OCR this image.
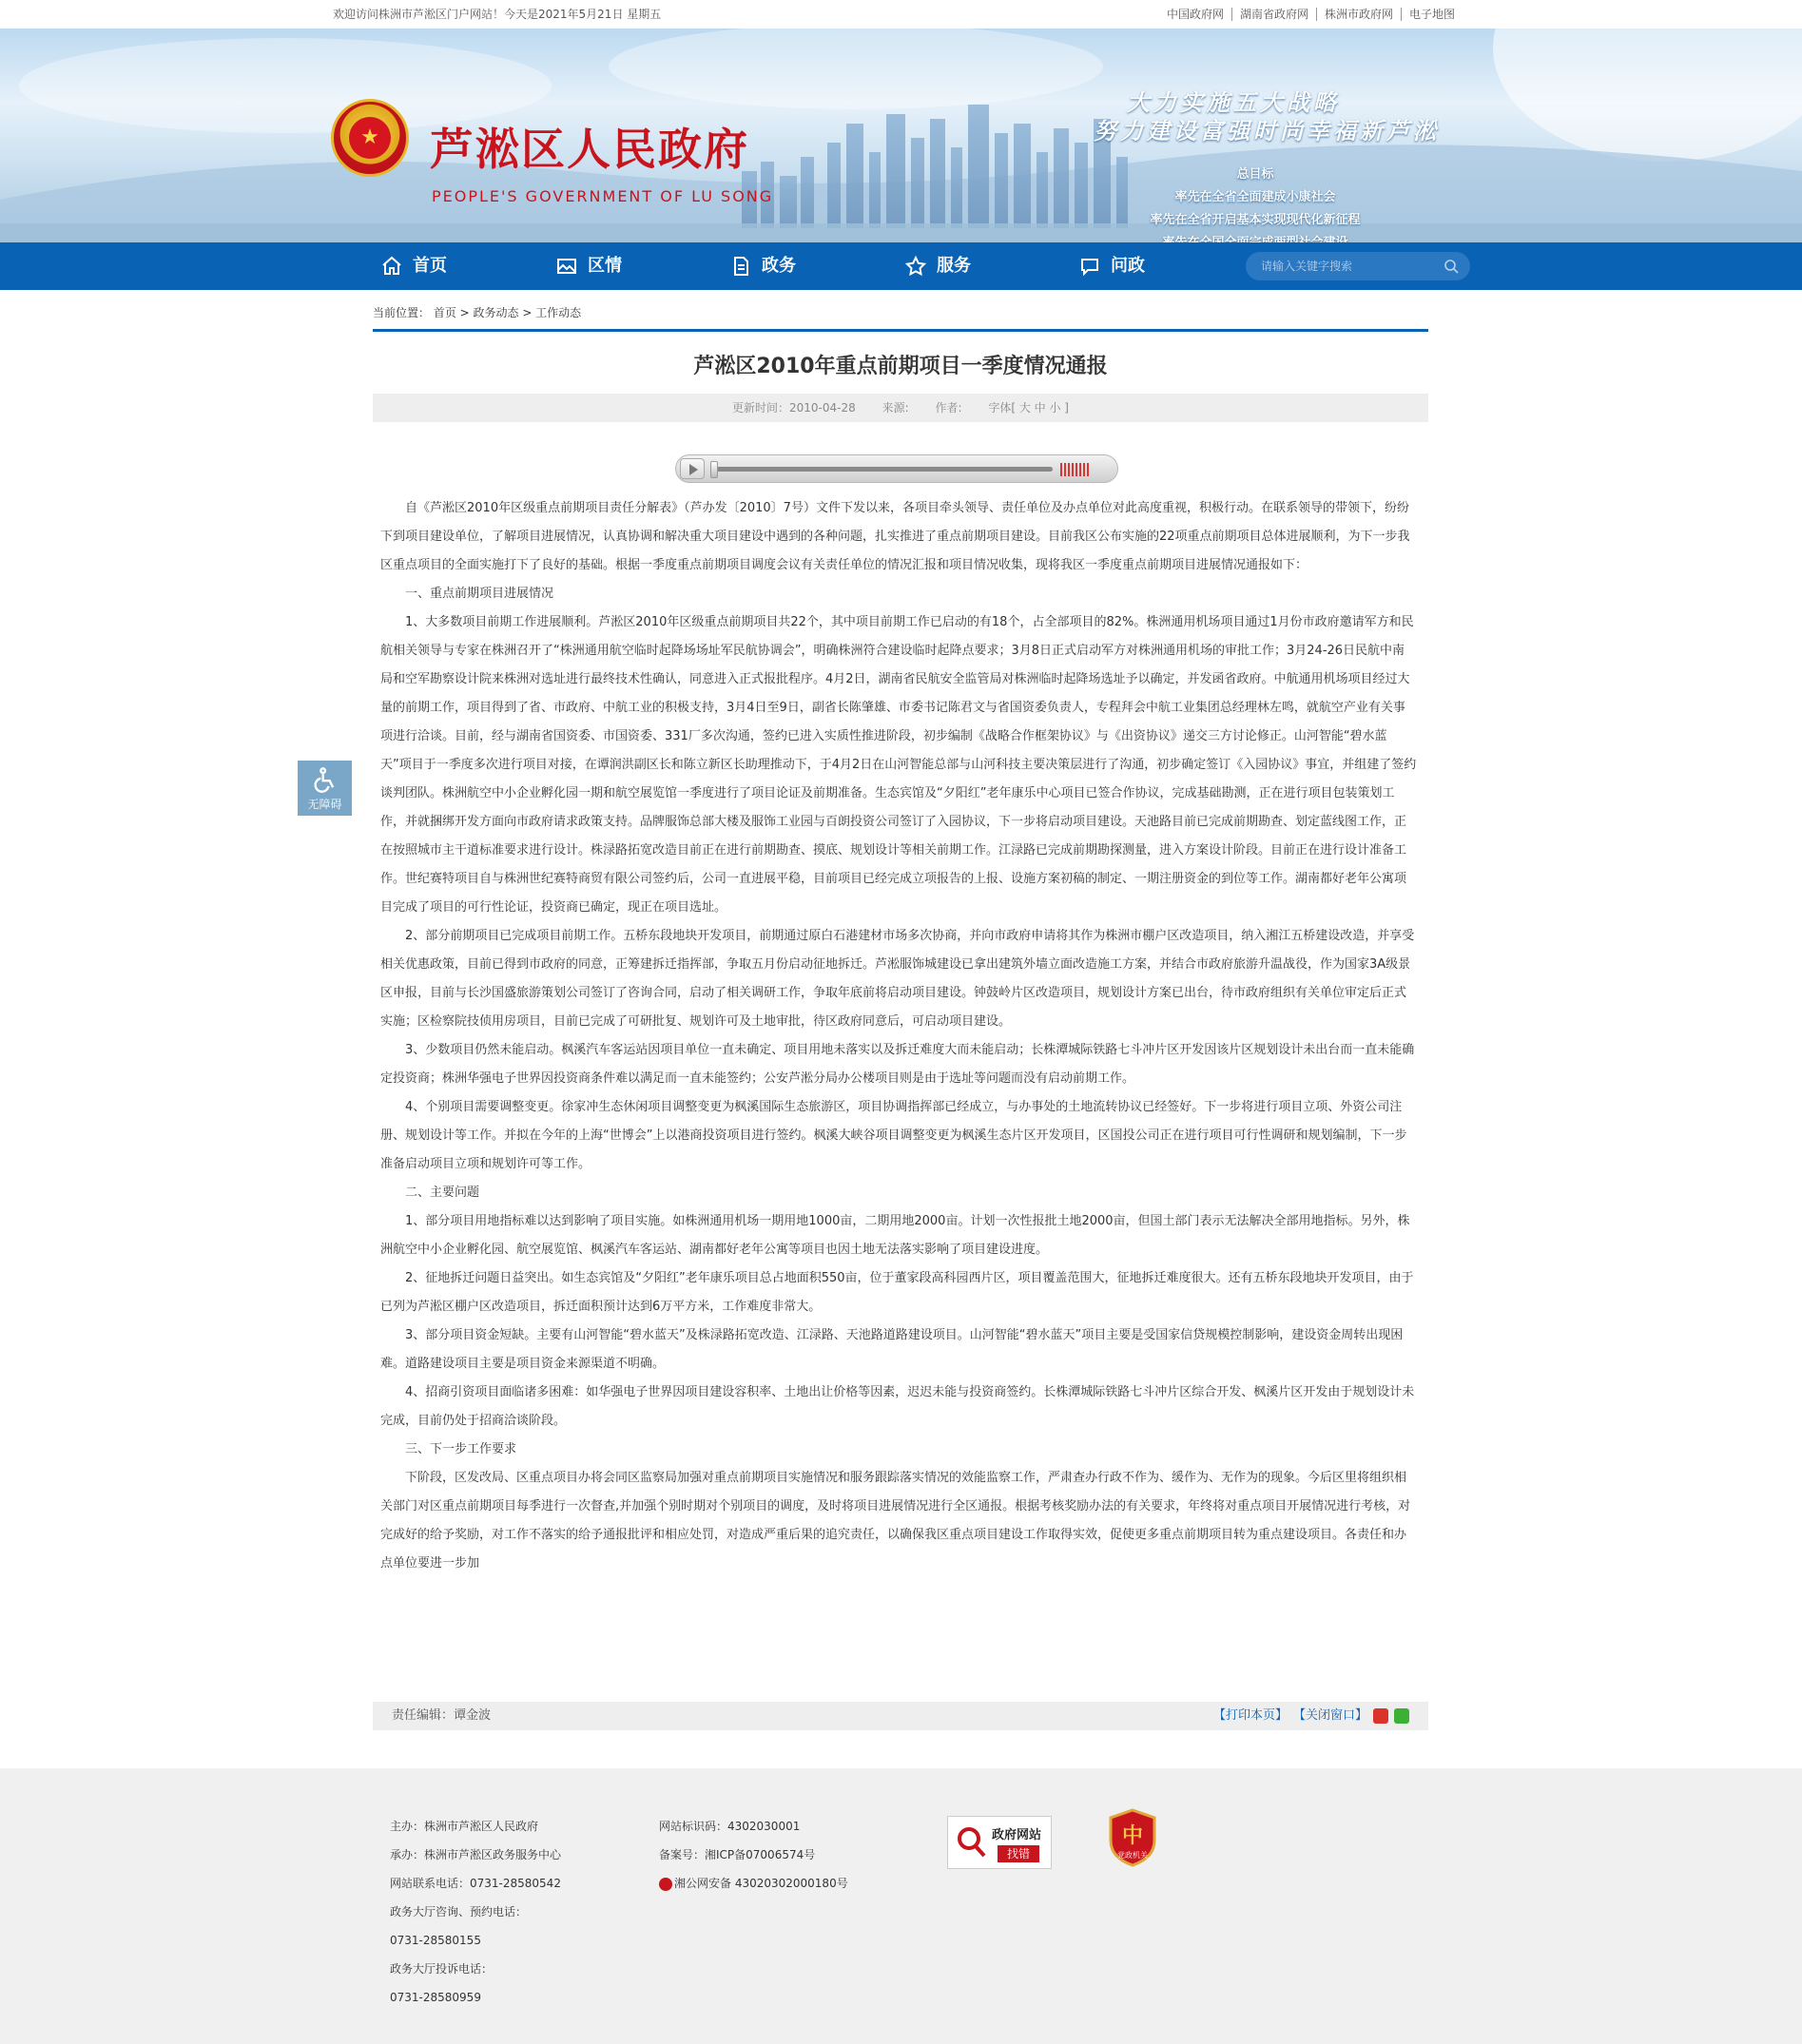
欢迎访问株洲市芦淞区门户网站！今天是2021年5月21日 星期五	中国政府网 湖南省政府网 株洲市政府网 电子地图
★ 芦淞区人民政府
PEOPLE'S GOVERNMENT OF LU SONG
大力实施五大战略
努力建设富强时尚幸福新芦淞
总目标
率先在全省全面建成小康社会
率先在全省开启基本实现现代化新征程
首页	区情	政务	服务	问政
请输入关键字搜索
当前位置： 首页 > 政务动态 > 工作动态
芦淞区2010年重点前期项目一季度情况通报
更新时间：2010-04-28 来源: 作者: 字体[ 大 中 小 ]
无障碍

自《芦淞区2010年区级重点前期项目责任分解表》（芦办发〔2010〕7号）文件下发以来，各项目牵头领导、责任单位及办点单位对此高度重视，积极行动。在联系领导的带领下，纷纷下到项目建设单位，了解项目进展情况，认真协调和解决重大项目建设中遇到的各种问题，扎实推进了重点前期项目建设。目前我区公布实施的22项重点前期项目总体进展顺利，为下一步我区重点项目的全面实施打下了良好的基础。根据一季度重点前期项目调度会议有关责任单位的情况汇报和项目情况收集，现将我区一季度重点前期项目进展情况通报如下：

一、重点前期项目进展情况

1、大多数项目前期工作进展顺利。芦淞区2010年区级重点前期项目共22个，其中项目前期工作已启动的有18个，占全部项目的82%。株洲通用机场项目通过1月份市政府邀请军方和民航相关领导与专家在株洲召开了“株洲通用航空临时起降场场址军民航协调会”，明确株洲符合建设临时起降点要求；3月8日正式启动军方对株洲通用机场的审批工作；3月24-26日民航中南局和空军勘察设计院来株洲对选址进行最终技术性确认，同意进入正式报批程序。4月2日，湖南省民航安全监管局对株洲临时起降场选址予以确定，并发函省政府。中航通用机场项目经过大量的前期工作，项目得到了省、市政府、中航工业的积极支持，3月4日至9日，副省长陈肇雄、市委书记陈君文与省国资委负责人，专程拜会中航工业集团总经理林左鸣，就航空产业有关事项进行洽谈。目前，经与湖南省国资委、市国资委、331厂多次沟通，签约已进入实质性推进阶段，初步编制《战略合作框架协议》与《出资协议》递交三方讨论修正。山河智能“碧水蓝天”项目于一季度多次进行项目对接，在谭润洪副区长和陈立新区长助理推动下，于4月2日在山河智能总部与山河科技主要决策层进行了沟通，初步确定签订《入园协议》事宜，并组建了签约谈判团队。株洲航空中小企业孵化园一期和航空展览馆一季度进行了项目论证及前期准备。生态宾馆及“夕阳红”老年康乐中心项目已签合作协议，完成基础勘测，正在进行项目包装策划工作，并就捆绑开发方面向市政府请求政策支持。品牌服饰总部大楼及服饰工业园与百朗投资公司签订了入园协议，下一步将启动项目建设。天池路目前已完成前期勘查、划定蓝线图工作，正在按照城市主干道标准要求进行设计。株渌路拓宽改造目前正在进行前期勘查、摸底、规划设计等相关前期工作。江渌路已完成前期勘探测量，进入方案设计阶段。目前正在进行设计准备工作。世纪赛特项目自与株洲世纪赛特商贸有限公司签约后，公司一直进展平稳，目前项目已经完成立项报告的上报、设施方案初稿的制定、一期注册资金的到位等工作。湖南都好老年公寓项目完成了项目的可行性论证，投资商已确定，现正在项目选址。

2、部分前期项目已完成项目前期工作。五桥东段地块开发项目，前期通过原白石港建材市场多次协商，并向市政府申请将其作为株洲市棚户区改造项目，纳入湘江五桥建设改造，并享受相关优惠政策，目前已得到市政府的同意，正筹建拆迁指挥部，争取五月份启动征地拆迁。芦淞服饰城建设已拿出建筑外墙立面改造施工方案，并结合市政府旅游升温战役，作为国家3A级景区申报，目前与长沙国盛旅游策划公司签订了咨询合同，启动了相关调研工作，争取年底前将启动项目建设。钟鼓岭片区改造项目，规划设计方案已出台，待市政府组织有关单位审定后正式实施；区检察院技侦用房项目，目前已完成了可研批复、规划许可及土地审批，待区政府同意后，可启动项目建设。

3、少数项目仍然未能启动。枫溪汽车客运站因项目单位一直未确定、项目用地未落实以及拆迁难度大而未能启动；长株潭城际铁路七斗冲片区开发因该片区规划设计未出台而一直未能确定投资商；株洲华强电子世界因投资商条件难以满足而一直未能签约；公安芦淞分局办公楼项目则是由于选址等问题而没有启动前期工作。

4、个别项目需要调整变更。徐家冲生态休闲项目调整变更为枫溪国际生态旅游区，项目协调指挥部已经成立，与办事处的土地流转协议已经签好。下一步将进行项目立项、外资公司注册、规划设计等工作。并拟在今年的上海“世博会”上以港商投资项目进行签约。枫溪大峡谷项目调整变更为枫溪生态片区开发项目，区国投公司正在进行项目可行性调研和规划编制，下一步准备启动项目立项和规划许可等工作。

二、主要问题

1、部分项目用地指标难以达到影响了项目实施。如株洲通用机场一期用地1000亩，二期用地2000亩。计划一次性报批土地2000亩，但国土部门表示无法解决全部用地指标。另外，株洲航空中小企业孵化园、航空展览馆、枫溪汽车客运站、湖南都好老年公寓等项目也因土地无法落实影响了项目建设进度。

2、征地拆迁问题日益突出。如生态宾馆及“夕阳红”老年康乐项目总占地面积550亩，位于董家段高科园西片区，项目覆盖范围大，征地拆迁难度很大。还有五桥东段地块开发项目，由于已列为芦淞区棚户区改造项目，拆迁面积预计达到6万平方米，工作难度非常大。

3、部分项目资金短缺。主要有山河智能“碧水蓝天”及株渌路拓宽改造、江渌路、天池路道路建设项目。山河智能“碧水蓝天”项目主要是受国家信贷规模控制影响，建设资金周转出现困难。道路建设项目主要是项目资金来源渠道不明确。

4、招商引资项目面临诸多困难：如华强电子世界因项目建设容积率、土地出让价格等因素，迟迟未能与投资商签约。长株潭城际铁路七斗冲片区综合开发、枫溪片区开发由于规划设计未完成，目前仍处于招商洽谈阶段。

三、下一步工作要求

下阶段，区发改局、区重点项目办将会同区监察局加强对重点前期项目实施情况和服务跟踪落实情况的效能监察工作，严肃查办行政不作为、缓作为、无作为的现象。今后区里将组织相关部门对区重点前期项目每季进行一次督查,并加强个别时期对个别项目的调度，及时将项目进展情况进行全区通报。根据考核奖励办法的有关要求，年终将对重点项目开展情况进行考核，对完成好的给予奖励，对工作不落实的给予通报批评和相应处罚，对造成严重后果的追究责任，以确保我区重点项目建设工作取得实效，促使更多重点前期项目转为重点建设项目。各责任和办点单位要进一步加

责任编辑：谭金波	【打印本页】 【关闭窗口】
主办：株洲市芦淞区人民政府
承办：株洲市芦淞区政务服务中心
网站联系电话：0731-28580542
政务大厅咨询、预约电话：
0731-28580155
政务大厅投诉电话：
0731-28580959
网站标识码：4302030001
备案号：湘ICP备07006574号
湘公网安备 43020302000180号
政府网站
找错
中
党政机关
